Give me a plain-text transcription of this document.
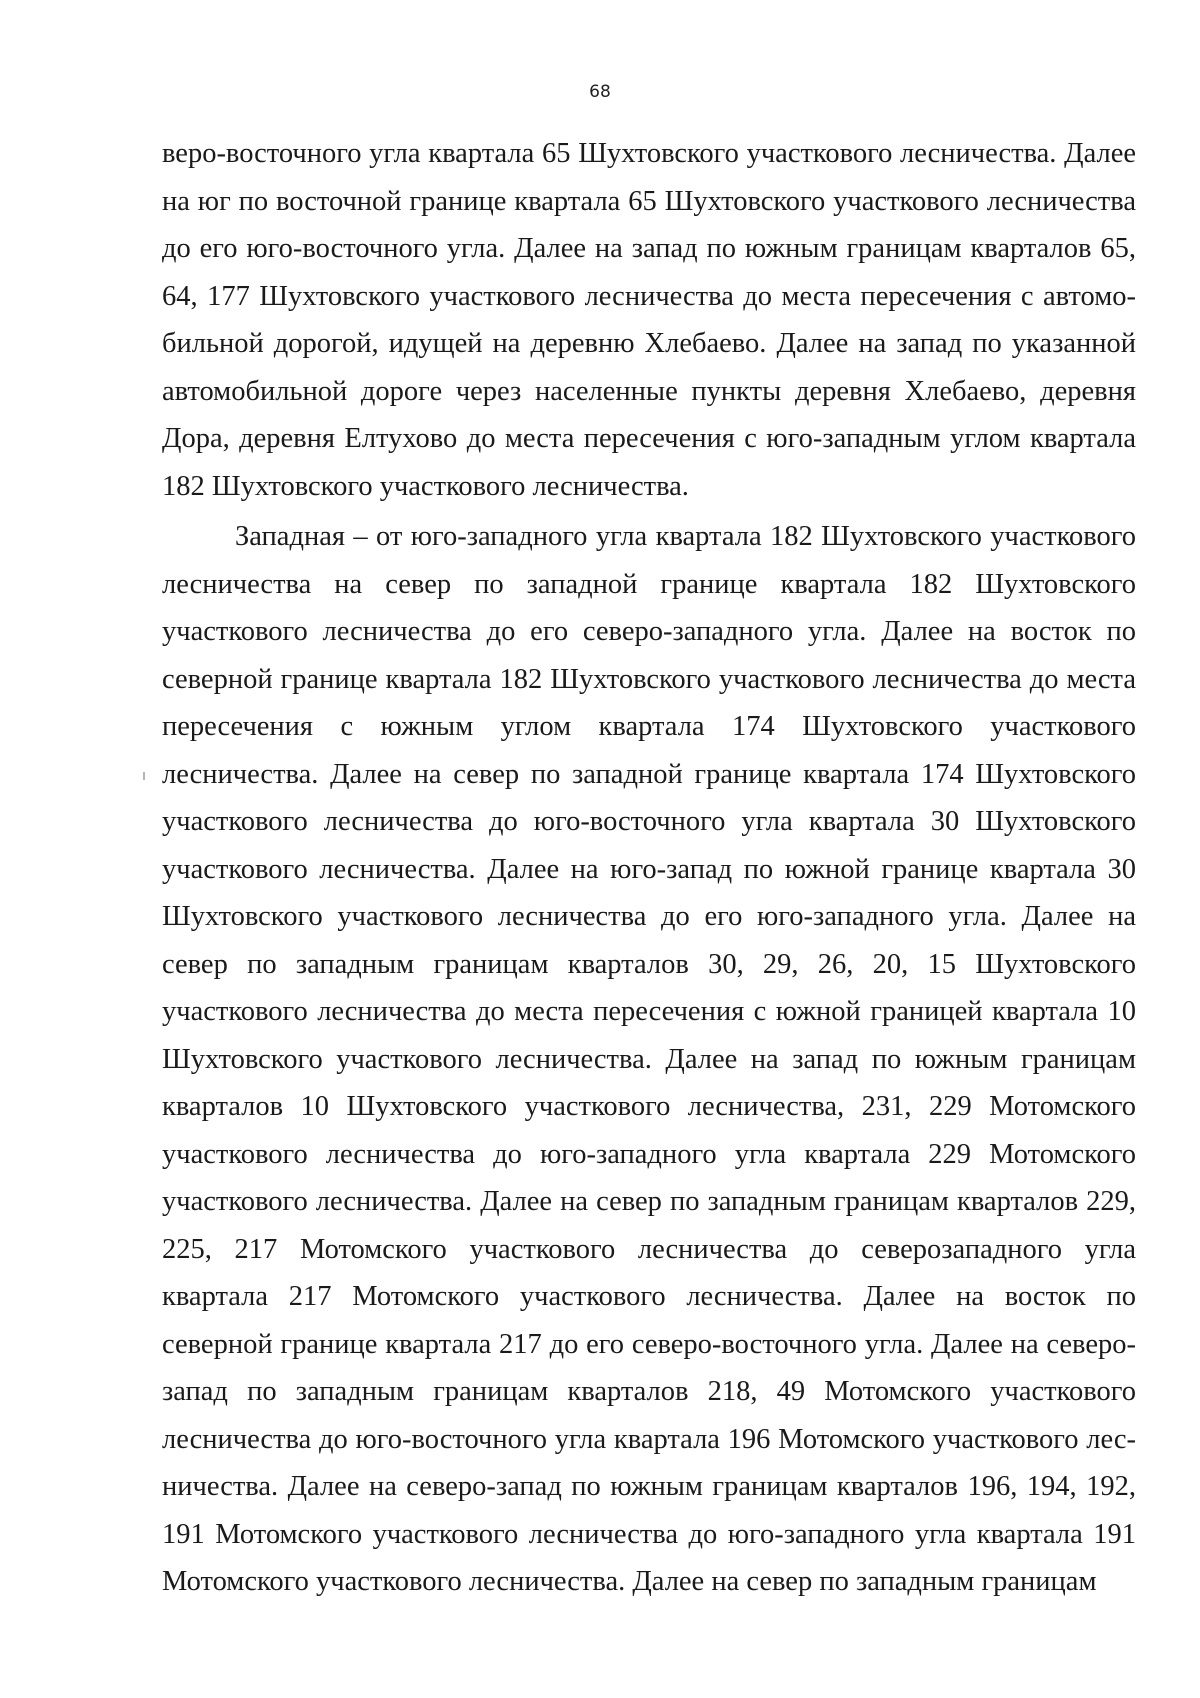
68

веро-восточного угла квартала 65 Шухтовского участкового лесничества. Далее на юг по восточной границе квартала 65 Шухтовского участкового лесничества до его юго-восточного угла. Далее на запад по южным границам кварталов 65, 64, 177 Шухтовского участкового лесничества до места пересечения с автомобильной дорогой, идущей на деревню Хлебаево. Далее на запад по указанной автомобильной дороге через населенные пункты деревня Хлебаево, деревня Дора, деревня Елтухово до места пересечения с юго-западным углом квартала 182 Шухтовского участкового лесничества.

Западная – от юго-западного угла квартала 182 Шухтовского участкового лесничества на север по западной границе квартала 182 Шухтовского участкового лесничества до его северо-западного угла. Далее на восток по северной границе квартала 182 Шухтовского участкового лесничества до места пересечения с южным углом квартала 174 Шухтовского участкового лесничества. Далее на север по западной границе квартала 174 Шухтовского участкового лесничества до юго-восточного угла квартала 30 Шухтовского участкового лесничества. Далее на юго-запад по южной границе квартала 30 Шухтовского участкового лесничeства до его юго-западного угла. Далее на север по западным границам кварталов 30, 29, 26, 20, 15 Шухтовского участкового лесничества до места пересечения с южной границей квартала 10 Шухтовского участкового лесничества. Далее на запад по южным границам кварталов 10 Шухтовского участкового лесничества, 231, 229 Мотомского участкового лесничества до юго-западного угла квартала 229 Мотомского участкового лесничества. Далее на север по западным границам кварталов 229, 225, 217 Мотомского участкового лесничества до северозападного угла квартала 217 Мотомского участкового лесничества. Далее на восток по северной границе квартала 217 до его северо-восточного угла. Далее на северо-запад по западным границам кварталов 218, 49 Мотомского участкового лесничества до юго-восточного угла квартала 196 Мотомского участкового лесничества. Далее на северо-запад по южным границам кварталов 196, 194, 192, 191 Мотомского участкового лесничества до юго-западного угла квартала 191 Мотомского участкового лесничества. Далее на север по западным границам
